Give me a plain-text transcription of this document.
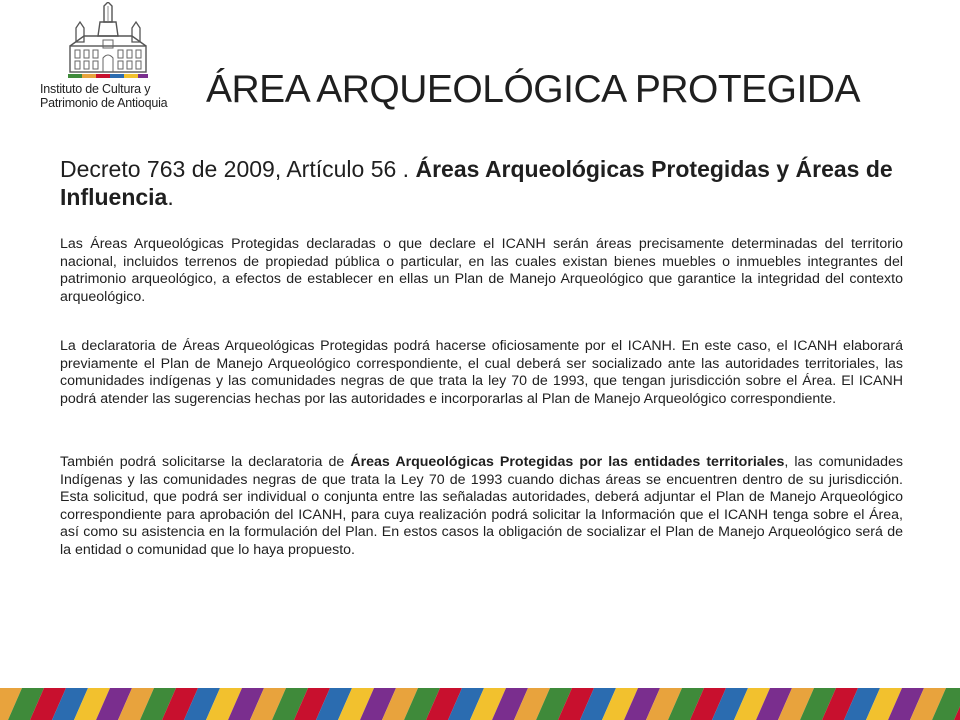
Instituto de Cultura y
Patrimonio de Antioquia ÁREA ARQUEOLÓGICA PROTEGIDA
Decreto 763 de 2009, Artículo 56 . Áreas Arqueológicas Protegidas y Áreas de Influencia.
Las Áreas Arqueológicas Protegidas declaradas o que declare el ICANH serán áreas precisamente determinadas del territorio nacional, incluidos terrenos de propiedad pública o particular, en las cuales existan bienes muebles o inmuebles integrantes del patrimonio arqueológico, a efectos de establecer en ellas un Plan de Manejo Arqueológico que garantice la integridad del contexto arqueológico.
La declaratoria de Áreas Arqueológicas Protegidas podrá hacerse oficiosamente por el ICANH. En este caso, el ICANH elaborará previamente el Plan de Manejo Arqueológico correspondiente, el cual deberá ser socializado ante las autoridades territoriales, las comunidades indígenas y las comunidades negras de que trata la ley 70 de 1993, que tengan jurisdicción sobre el Área. El ICANH podrá atender las sugerencias hechas por las autoridades e incorporarlas al Plan de Manejo Arqueológico correspondiente.
También podrá solicitarse la declaratoria de Áreas Arqueológicas Protegidas por las entidades territoriales, las comunidades Indígenas y las comunidades negras de que trata la Ley 70 de 1993 cuando dichas áreas se encuentren dentro de su jurisdicción. Esta solicitud, que podrá ser individual o conjunta entre las señaladas autoridades, deberá adjuntar el Plan de Manejo Arqueológico correspondiente para aprobación del ICANH, para cuya realización podrá solicitar la Información que el ICANH tenga sobre el Área, así como su asistencia en la formulación del Plan. En estos casos la obligación de socializar el Plan de Manejo Arqueológico será de la entidad o comunidad que lo haya propuesto.
